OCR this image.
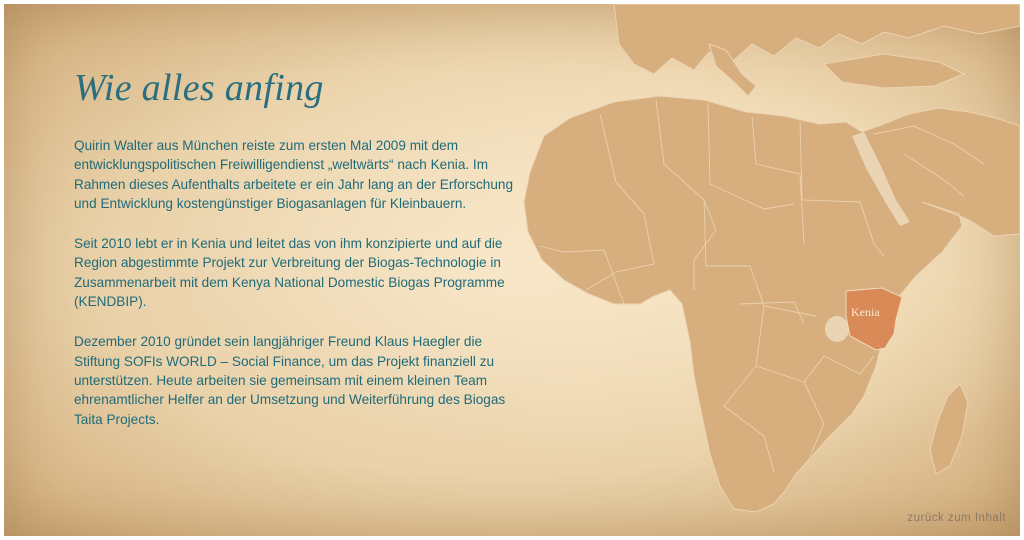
Kenia
Wie alles anfing

Quirin Walter aus München reiste zum ersten Mal 2009 mit dem entwicklungspolitischen Freiwilligendienst „weltwärts“ nach Kenia. Im Rahmen dieses Aufenthalts arbeitete er ein Jahr lang an der Erforschung und Entwicklung kostengünstiger Biogasanlagen für Kleinbauern.

Seit 2010 lebt er in Kenia und leitet das von ihm konzipierte und auf die Region abgestimmte Projekt zur Verbreitung der Biogas-Technologie in Zusammenarbeit mit dem Kenya National Domestic Biogas Programme (KENDBIP).

Dezember 2010 gründet sein langjähriger Freund Klaus Haegler die Stiftung SOFIs WORLD – Social Finance, um das Projekt finanziell zu unterstützen. Heute arbeiten sie gemeinsam mit einem kleinen Team ehrenamtlicher Helfer an der Umsetzung und Weiterführung des Biogas Taita Projects.

zurück zum Inhalt
